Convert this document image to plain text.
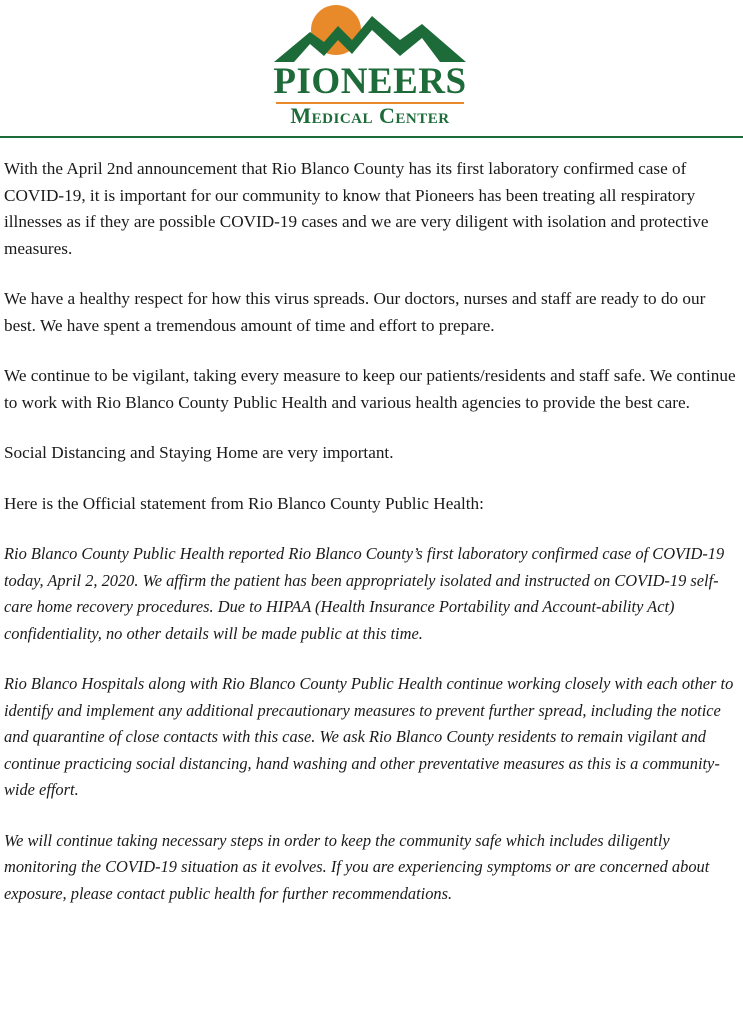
PIONEERS
Medical Center

With the April 2nd announcement that Rio Blanco County has its first laboratory confirmed case of COVID-19, it is important for our community to know that Pioneers has been treating all respiratory illnesses as if they are possible COVID-19 cases and we are very diligent with isolation and protective measures.

We have a healthy respect for how this virus spreads. Our doctors, nurses and staff are ready to do our best. We have spent a tremendous amount of time and effort to prepare.

We continue to be vigilant, taking every measure to keep our patients/residents and staff safe. We continue to work with Rio Blanco County Public Health and various health agencies to provide the best care.

Social Distancing and Staying Home are very important.

Here is the Official statement from Rio Blanco County Public Health:

Rio Blanco County Public Health reported Rio Blanco County’s first laboratory confirmed case of COVID-19 today, April 2, 2020. We affirm the patient has been appropriately isolated and instructed on COVID-19 self-care home recovery procedures. Due to HIPAA (Health Insurance Portability and Account-ability Act) confidentiality, no other details will be made public at this time.

Rio Blanco Hospitals along with Rio Blanco County Public Health continue working closely with each other to identify and implement any additional precautionary measures to prevent further spread, including the notice and quarantine of close contacts with this case. We ask Rio Blanco County residents to remain vigilant and continue practicing social distancing, hand washing and other preventative measures as this is a community-wide effort.

We will continue taking necessary steps in order to keep the community safe which includes diligently monitoring the COVID-19 situation as it evolves. If you are experiencing symptoms or are concerned about exposure, please contact public health for further recommendations.
